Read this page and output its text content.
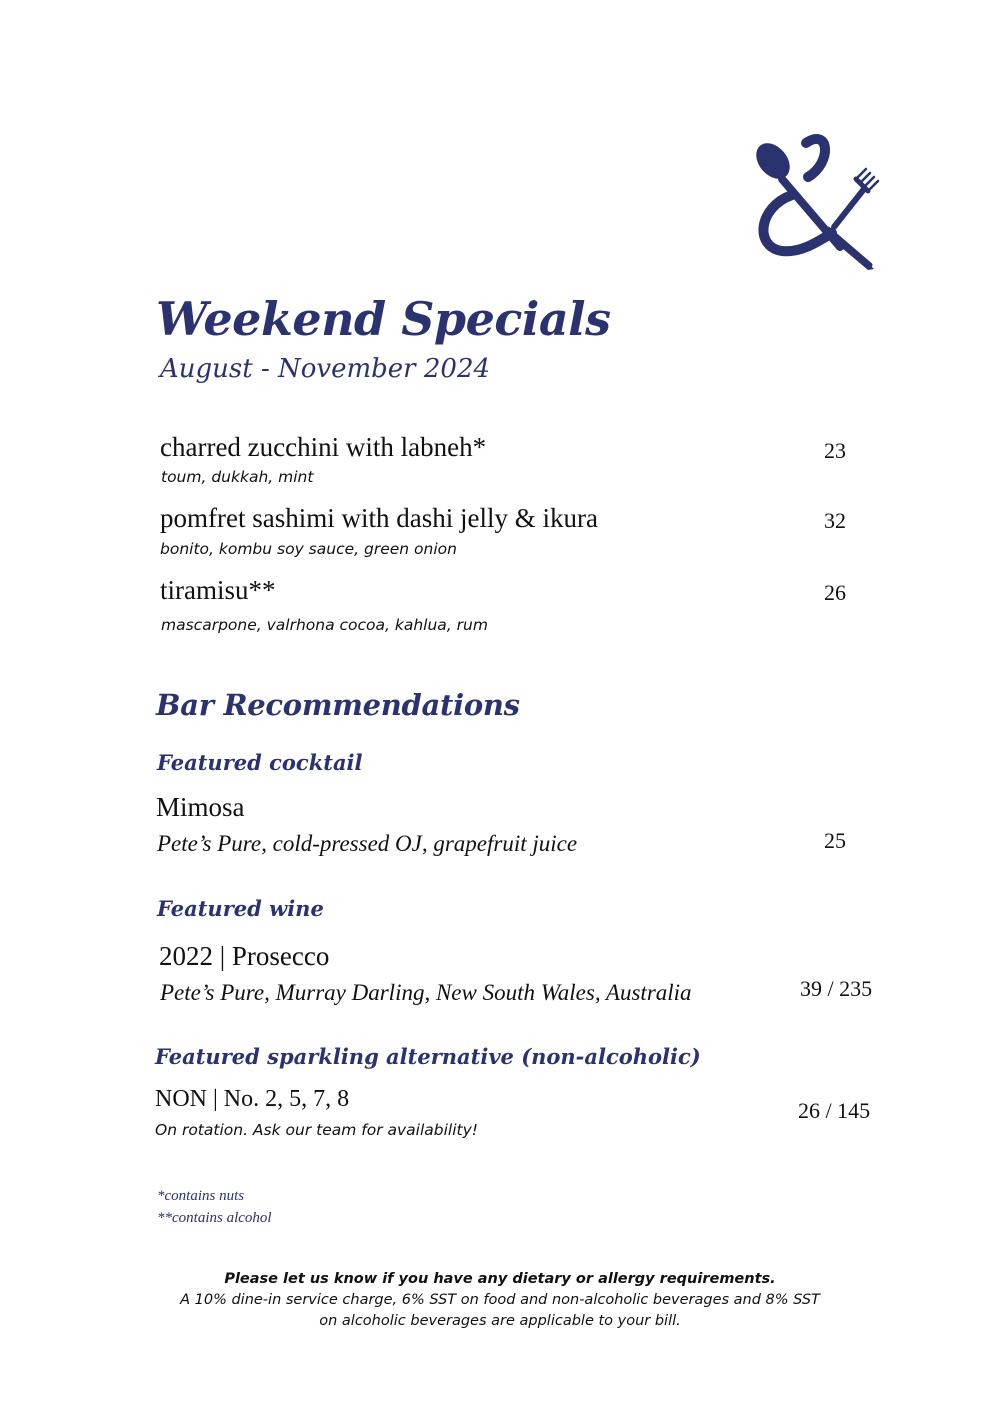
Weekend Specials
August - November 2024
charred zucchini with labneh*
toum, dukkah, mint
23
pomfret sashimi with dashi jelly & ikura
bonito, kombu soy sauce, green onion
32
tiramisu**
mascarpone, valrhona cocoa, kahlua, rum
26
Bar Recommendations
Featured cocktail
Mimosa
Pete’s Pure, cold-pressed OJ, grapefruit juice	25
Featured wine
2022 | Prosecco
Pete’s Pure, Murray Darling, New South Wales, Australia	39 / 235
Featured sparkling alternative (non-alcoholic)
NON | No. 2, 5, 7, 8
On rotation. Ask our team for availability!
26 / 145
*contains nuts
**contains alcohol
Please let us know if you have any dietary or allergy requirements.
A 10% dine-in service charge, 6% SST on food and non-alcoholic beverages and 8% SST
on alcoholic beverages are applicable to your bill.
